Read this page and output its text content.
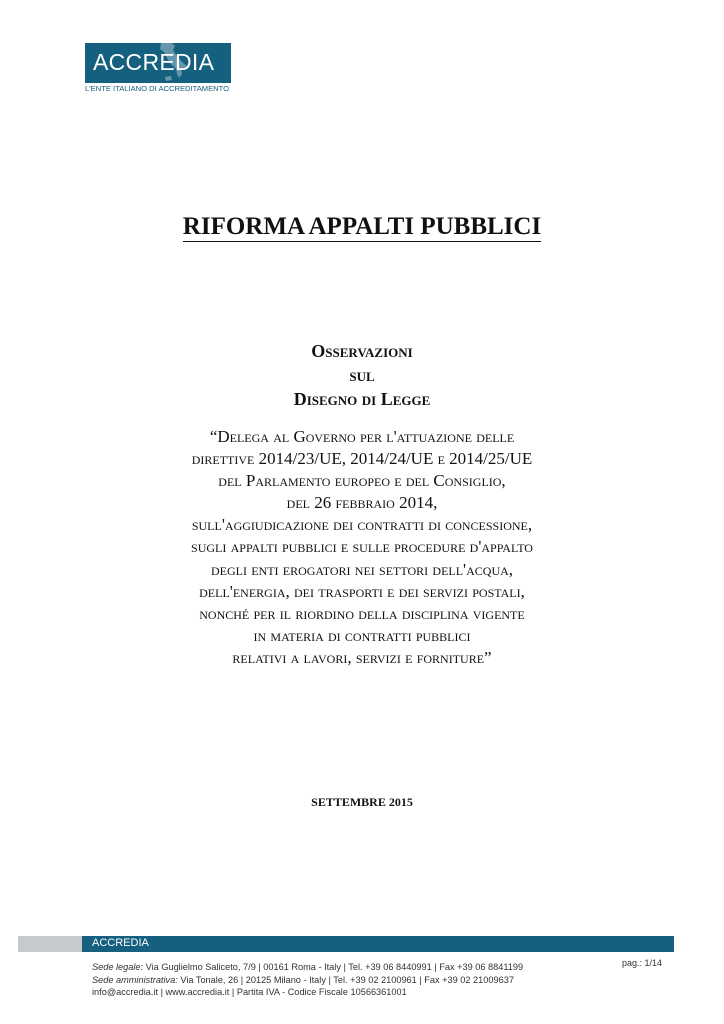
ACCREDIA
L'ENTE ITALIANO DI ACCREDITAMENTO
RIFORMA APPALTI PUBBLICI
Osservazioni
sul
Disegno di Legge
“Delega al Governo per l'attuazione delle
direttive 2014/23/UE, 2014/24/UE e 2014/25/UE
del Parlamento europeo e del Consiglio,
del 26 febbraio 2014,
sull'aggiudicazione dei contratti di concessione,
sugli appalti pubblici e sulle procedure d'appalto
degli enti erogatori nei settori dell'acqua,
dell'energia, dei trasporti e dei servizi postali,
nonché per il riordino della disciplina vigente
in materia di contratti pubblici
relativi a lavori, servizi e forniture”
SETTEMBRE 2015
ACCREDIA
Sede legale: Via Guglielmo Saliceto, 7/9 | 00161 Roma - Italy | Tel. +39 06 8440991 | Fax +39 06 8841199
Sede amministrativa: Via Tonale, 26 | 20125 Milano - Italy | Tel. +39 02 2100961 | Fax +39 02 21009637
info@accredia.it | www.accredia.it | Partita IVA - Codice Fiscale 10566361001
pag.: 1/14
